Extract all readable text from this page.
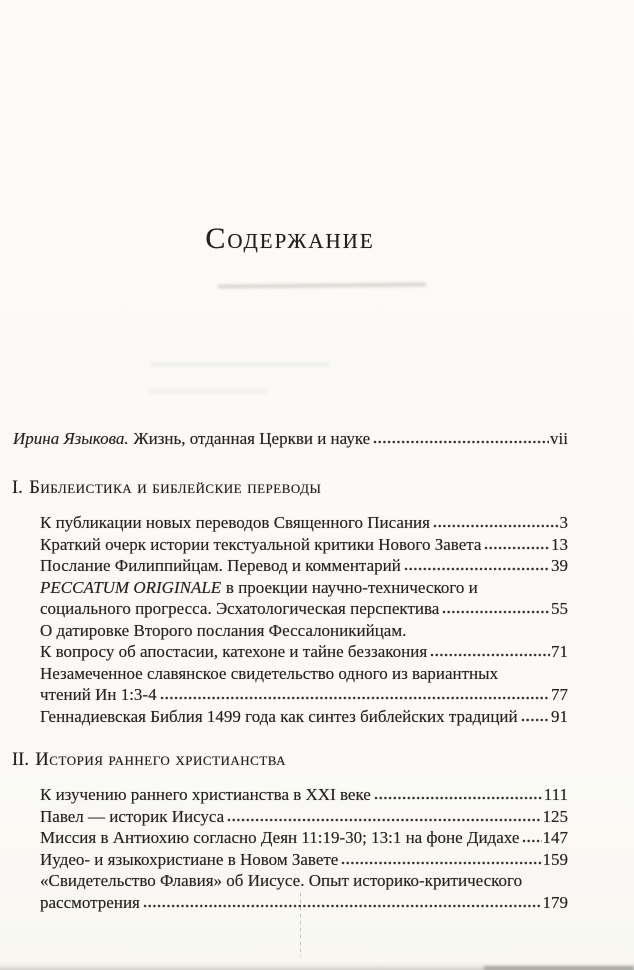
Содержание
Ирина Языкова. Жизнь, отданная Церкви и науке	vii
I. Библеистика и библейские переводы
К публикации новых переводов Священного Писания	3
Краткий очерк истории текстуальной критики Нового Завета	13
Послание Филиппийцам. Перевод и комментарий	39
PECCATUM ORIGINALE в проекции научно-технического и
социального прогресса. Эсхатологическая перспектива	55
О датировке Второго послания Фессалоникийцам.
К вопросу об апостасии, катехоне и тайне беззакония	71
Незамеченное славянское свидетельство одного из вариантных
чтений Ин 1:3-4	77
Геннадиевская Библия 1499 года как синтез библейских традиций 91
II. История раннего христианства
К изучению раннего христианства в XXI веке	111
Павел — историк Иисуса	125
Миссия в Антиохию согласно Деян 11:19-30; 13:1 на фоне Дидахе 147
Иудео- и языкохристиане в Новом Завете	159
«Свидетельство Флавия» об Иисусе. Опыт историко-критического
рассмотрения	179
